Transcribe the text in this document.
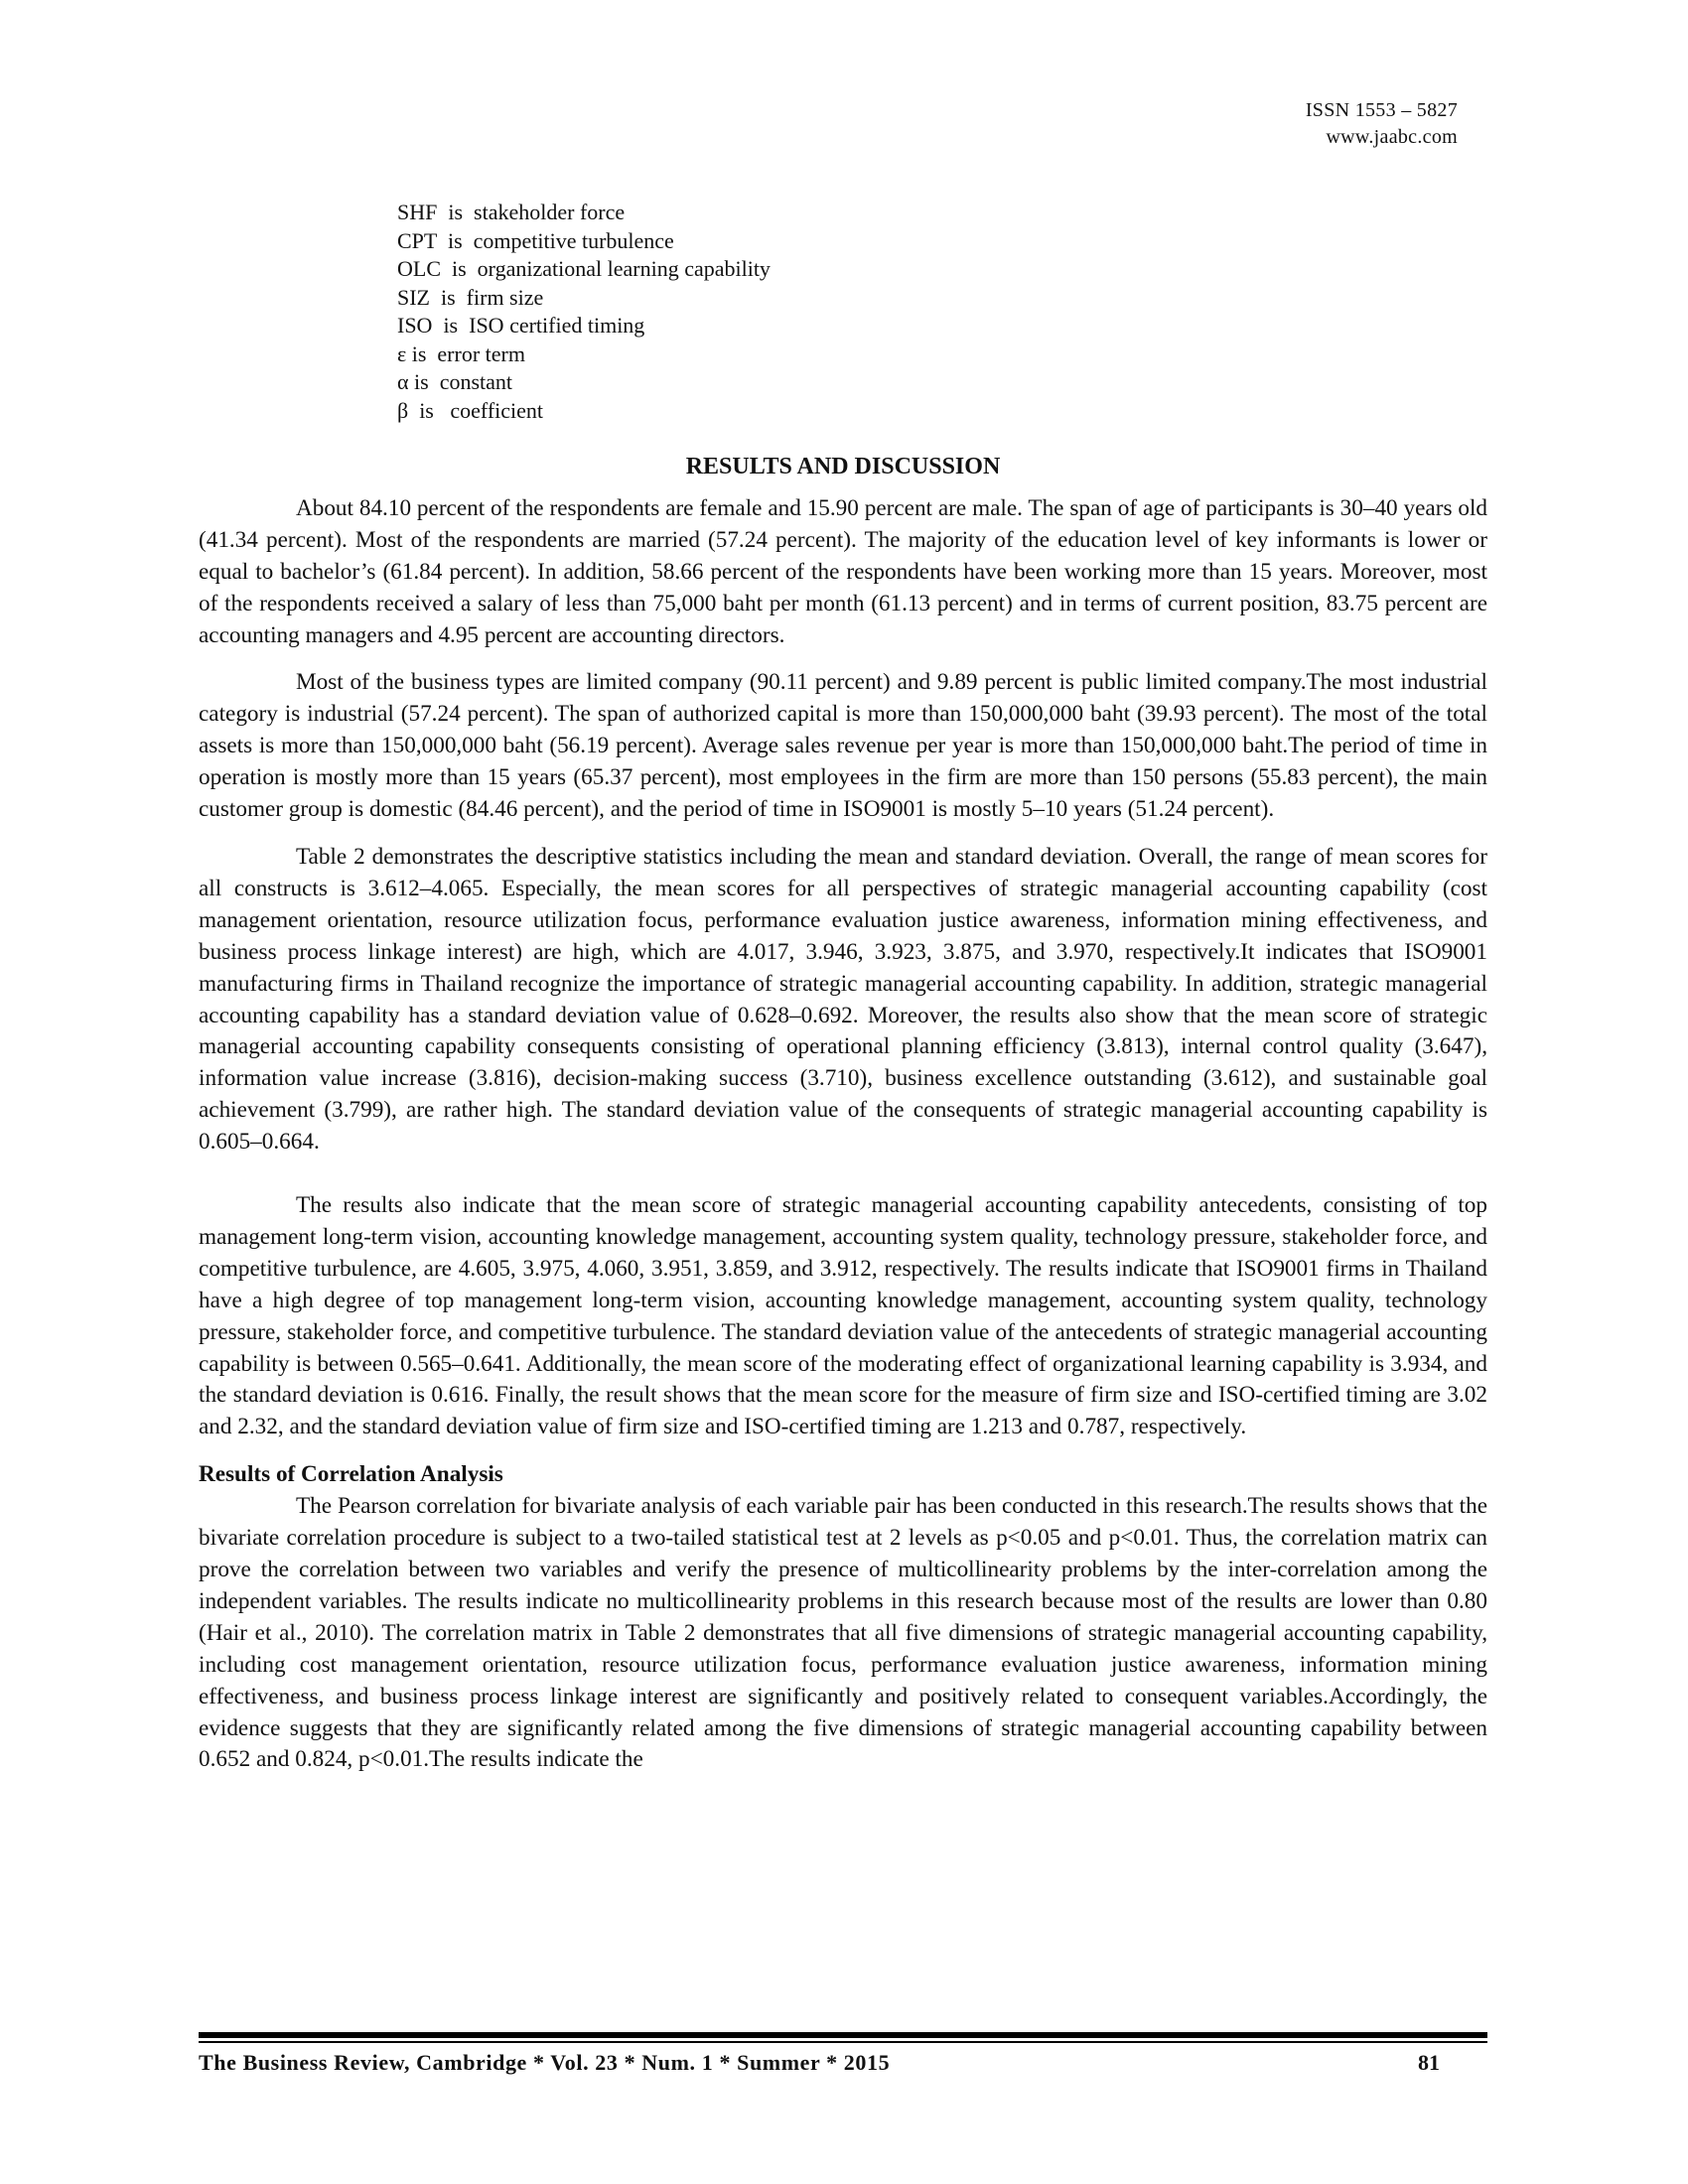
ISSN 1553 – 5827
www.jaabc.com
SHF  is  stakeholder force
CPT  is  competitive turbulence
OLC  is  organizational learning capability
SIZ  is  firm size
ISO  is  ISO certified timing
ε is  error term
α is  constant
β  is   coefficient
RESULTS AND DISCUSSION

About 84.10 percent of the respondents are female and 15.90 percent are male. The span of age of participants is 30–40 years old (41.34 percent). Most of the respondents are married (57.24 percent). The majority of the education level of key informants is lower or equal to bachelor’s (61.84 percent). In addition, 58.66 percent of the respondents have been working more than 15 years. Moreover, most of the respondents received a salary of less than 75,000 baht per month (61.13 percent) and in terms of current position, 83.75 percent are accounting managers and 4.95 percent are accounting directors.

Most of the business types are limited company (90.11 percent) and 9.89 percent is public limited company.The most industrial category is industrial (57.24 percent). The span of authorized capital is more than 150,000,000 baht (39.93 percent). The most of the total assets is more than 150,000,000 baht (56.19 percent). Average sales revenue per year is more than 150,000,000 baht.The period of time in operation is mostly more than 15 years (65.37 percent), most employees in the firm are more than 150 persons (55.83 percent), the main customer group is domestic (84.46 percent), and the period of time in ISO9001 is mostly 5–10 years (51.24 percent).

Table 2 demonstrates the descriptive statistics including the mean and standard deviation. Overall, the range of mean scores for all constructs is 3.612–4.065. Especially, the mean scores for all perspectives of strategic managerial accounting capability (cost management orientation, resource utilization focus, performance evaluation justice awareness, information mining effectiveness, and business process linkage interest) are high, which are 4.017, 3.946, 3.923, 3.875, and 3.970, respectively.It indicates that ISO9001 manufacturing firms in Thailand recognize the importance of strategic managerial accounting capability. In addition, strategic managerial accounting capability has a standard deviation value of 0.628–0.692. Moreover, the results also show that the mean score of strategic managerial accounting capability consequents consisting of operational planning efficiency (3.813), internal control quality (3.647), information value increase (3.816), decision-making success (3.710), business excellence outstanding (3.612), and sustainable goal achievement (3.799), are rather high. The standard deviation value of the consequents of strategic managerial accounting capability is 0.605–0.664.

The results also indicate that the mean score of strategic managerial accounting capability antecedents, consisting of top management long-term vision, accounting knowledge management, accounting system quality, technology pressure, stakeholder force, and competitive turbulence, are 4.605, 3.975, 4.060, 3.951, 3.859, and 3.912, respectively. The results indicate that ISO9001 firms in Thailand have a high degree of top management long-term vision, accounting knowledge management, accounting system quality, technology pressure, stakeholder force, and competitive turbulence. The standard deviation value of the antecedents of strategic managerial accounting capability is between 0.565–0.641. Additionally, the mean score of the moderating effect of organizational learning capability is 3.934, and the standard deviation is 0.616. Finally, the result shows that the mean score for the measure of firm size and ISO-certified timing are 3.02 and 2.32, and the standard deviation value of firm size and ISO-certified timing are 1.213 and 0.787, respectively.

Results of Correlation Analysis

The Pearson correlation for bivariate analysis of each variable pair has been conducted in this research.The results shows that the bivariate correlation procedure is subject to a two-tailed statistical test at 2 levels as p<0.05 and p<0.01. Thus, the correlation matrix can prove the correlation between two variables and verify the presence of multicollinearity problems by the inter-correlation among the independent variables. The results indicate no multicollinearity problems in this research because most of the results are lower than 0.80 (Hair et al., 2010). The correlation matrix in Table 2 demonstrates that all five dimensions of strategic managerial accounting capability, including cost management orientation, resource utilization focus, performance evaluation justice awareness, information mining effectiveness, and business process linkage interest are significantly and positively related to consequent variables.Accordingly, the evidence suggests that they are significantly related among the five dimensions of strategic managerial accounting capability between 0.652 and 0.824, p<0.01.The results indicate the

The Business Review, Cambridge * Vol. 23 * Num. 1 * Summer * 2015	81
